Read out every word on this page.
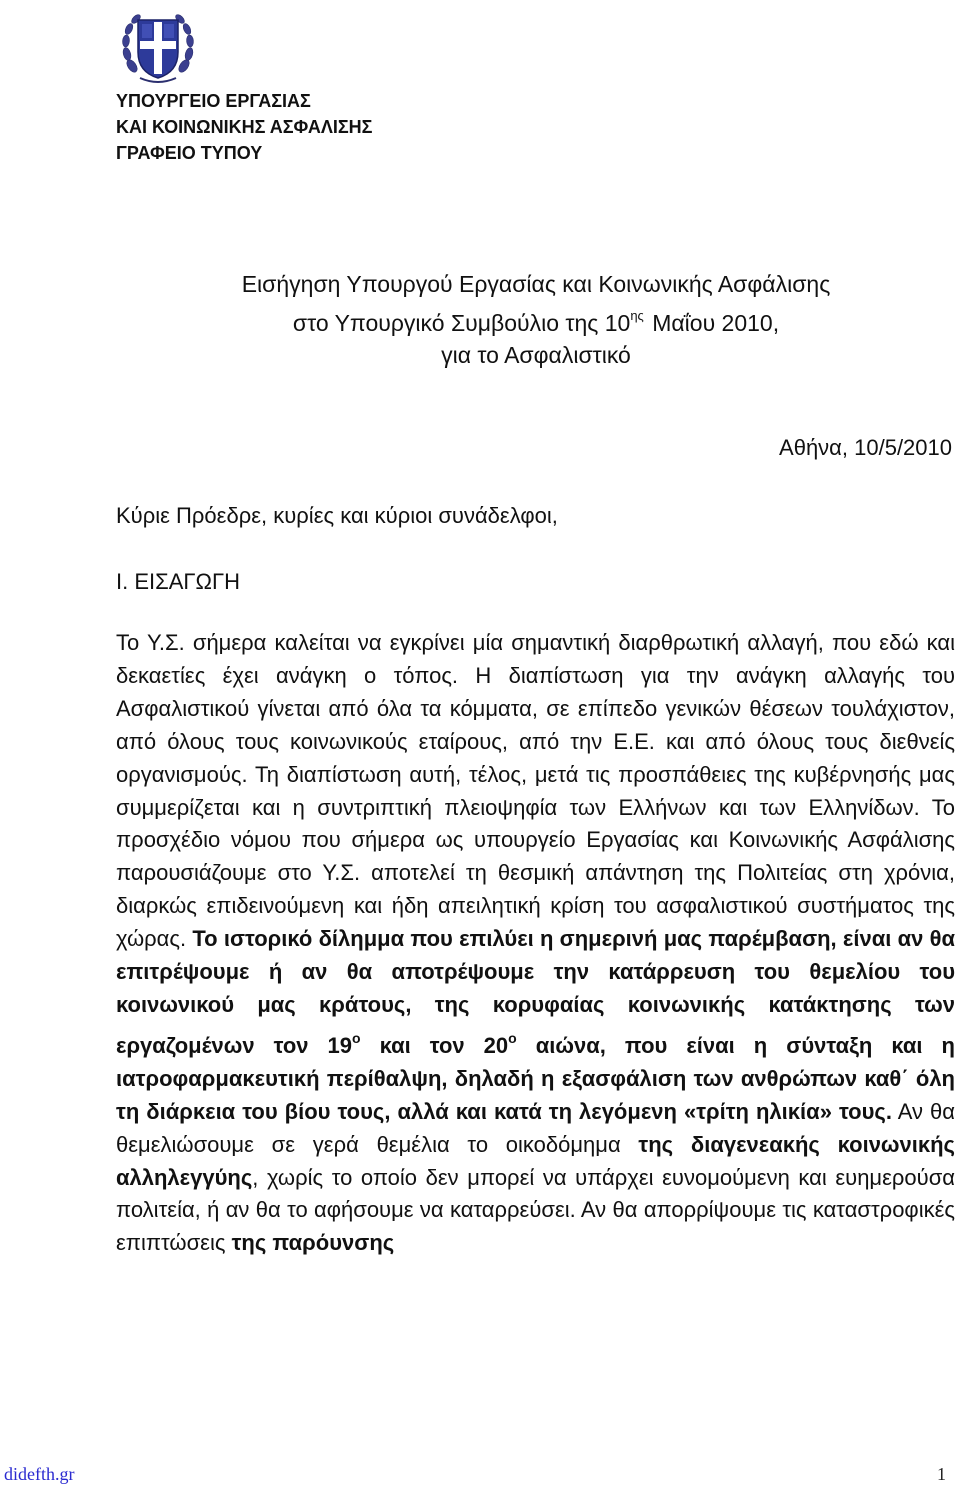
ΥΠΟΥΡΓΕΙΟ ΕΡΓΑΣΙΑΣ
ΚΑΙ ΚΟΙΝΩΝΙΚΗΣ ΑΣΦΑΛΙΣΗΣ
ΓΡΑΦΕΙΟ ΤΥΠΟΥ
Εισήγηση Υπουργού Εργασίας και Κοινωνικής Ασφάλισης
στο Υπουργικό Συμβούλιο της $10^{\eta\varsigma}$ Μαΐου 2010,
για το Ασφαλιστικό
Αθήνα, 10/5/2010
Κύριε Πρόεδρε, κυρίες και κύριοι συνάδελφοι,
Ι. ΕΙΣΑΓΩΓΗ
Το Υ.Σ. σήμερα καλείται να εγκρίνει μία σημαντική διαρθρωτική αλλαγή, που εδώ και δεκαετίες έχει ανάγκη ο τόπος. Η διαπίστωση για την ανάγκη αλλαγής του Ασφαλιστικού γίνεται από όλα τα κόμματα, σε επίπεδο γενικών θέσεων τουλάχιστον, από όλους τους κοινωνικούς εταίρους, από την Ε.Ε. και από όλους τους διεθνείς οργανισμούς. Τη διαπίστωση αυτή, τέλος, μετά τις προσπάθειες της κυβέρνησής μας συμμερίζεται και η συντριπτική πλειοψηφία των Ελλήνων και των Ελληνίδων. Το προσχέδιο νόμου που σήμερα ως υπουργείο Εργασίας και Κοινωνικής Ασφάλισης παρουσιάζουμε στο Υ.Σ. αποτελεί τη θεσμική απάντηση της Πολιτείας στη χρόνια, διαρκώς επιδεινούμενη και ήδη απειλητική κρίση του ασφαλιστικού συστήματος της χώρας. Το ιστορικό δίλημμα που επιλύει η σημερινή μας παρέμβαση, είναι αν θα επιτρέψουμε ή αν θα αποτρέψουμε την κατάρρευση του θεμελίου του κοινωνικού μας κράτους, της κορυφαίας κοινωνικής κατάκτησης των εργαζομένων τον $19^o$ και τον $20^o$ αιώνα, που είναι η σύνταξη και η ιατροφαρμακευτική περίθαλψη, δηλαδή η εξασφάλιση των ανθρώπων καθ΄ όλη τη διάρκεια του βίου τους, αλλά και κατά τη λεγόμενη «τρίτη ηλικία» τους. Αν θα θεμελιώσουμε σε γερά θεμέλια το οικοδόμημα της διαγενεακής κοινωνικής αλληλεγγύης, χωρίς το οποίο δεν μπορεί να υπάρχει ευνομούμενη και ευημερούσα πολιτεία, ή αν θα το αφήσουμε να καταρρεύσει. Αν θα απορρίψουμε τις καταστροφικές επιπτώσεις της παρόυνσης
didefth.gr	1
